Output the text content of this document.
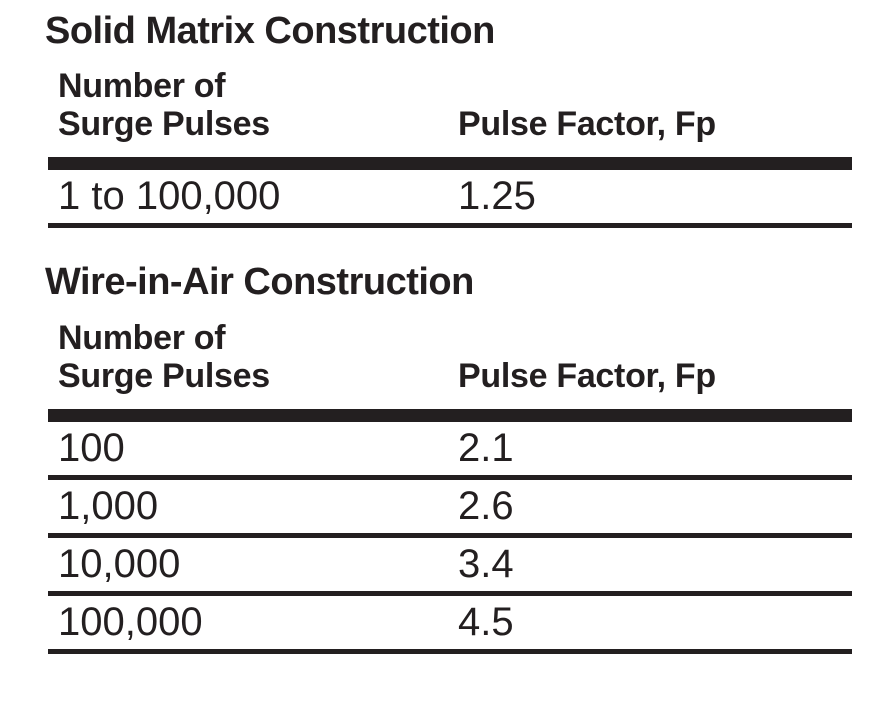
Solid Matrix Construction
Number of
Surge Pulses	Pulse Factor, Fp
1 to 100,000	1.25
Wire-in-Air Construction
Number of
Surge Pulses	Pulse Factor, Fp
100	2.1
1,000	2.6
10,000	3.4
100,000	4.5
